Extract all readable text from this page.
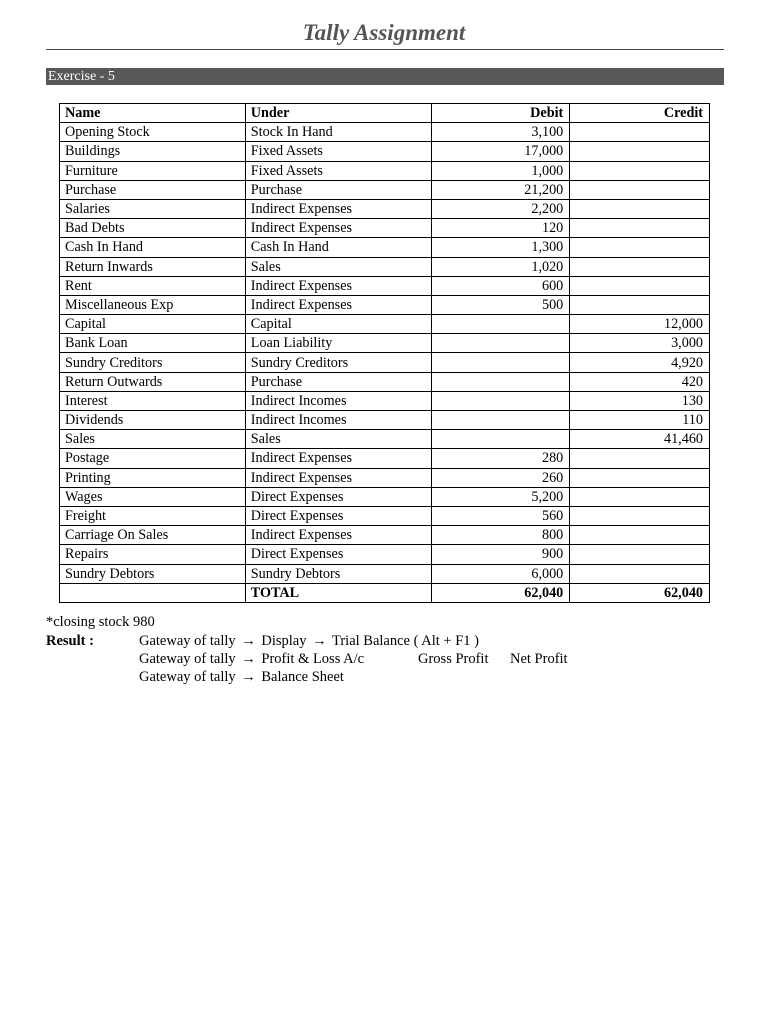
Tally Assignment
Exercise - 5
Name	Under	Debit	Credit
Opening Stock	Stock In Hand	3,100	
Buildings	Fixed Assets	17,000	
Furniture	Fixed Assets	1,000	
Purchase	Purchase	21,200	
Salaries	Indirect Expenses	2,200	
Bad Debts	Indirect Expenses	120	
Cash In Hand	Cash In Hand	1,300	
Return Inwards	Sales	1,020	
Rent	Indirect Expenses	600	
Miscellaneous Exp	Indirect Expenses	500	
Capital	Capital		12,000
Bank Loan	Loan Liability		3,000
Sundry Creditors	Sundry Creditors		4,920
Return Outwards	Purchase		420
Interest	Indirect Incomes		130
Dividends	Indirect Incomes		110
Sales	Sales		41,460
Postage	Indirect Expenses	280	
Printing	Indirect Expenses	260	
Wages	Direct Expenses	5,200	
Freight	Direct Expenses	560	
Carriage On Sales	Indirect Expenses	800	
Repairs	Direct Expenses	900	
Sundry Debtors	Sundry Debtors	6,000	
	TOTAL	62,040	62,040
*closing stock 980
Result :	Gateway of tally → Display → Trial Balance ( Alt + F1 )
Gateway of tally → Profit & Loss A/c	Gross Profit Net Profit
Gateway of tally → Balance Sheet
